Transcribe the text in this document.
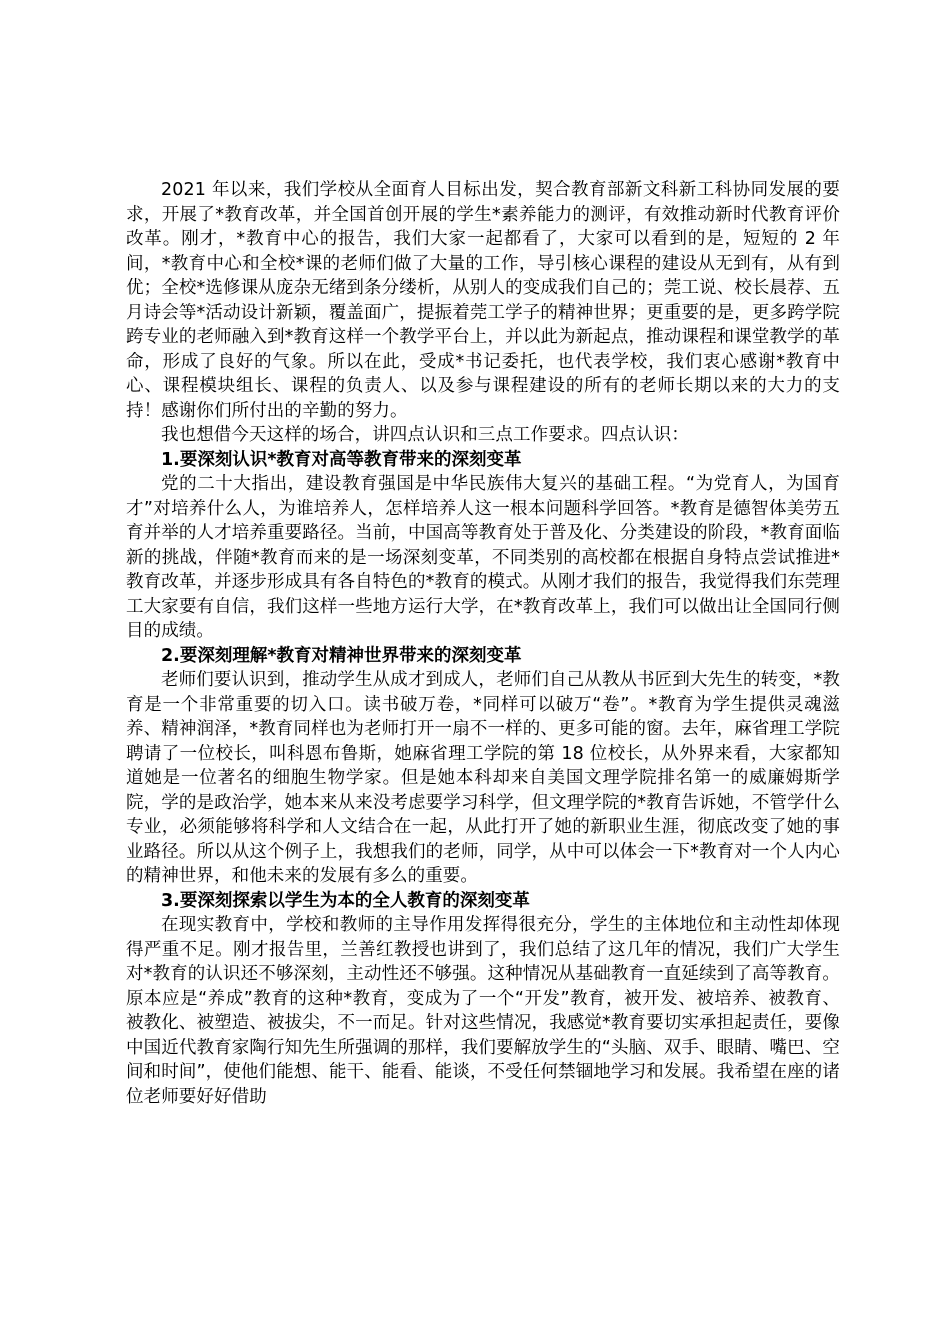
2021 年以来，我们学校从全面育人目标出发，契合教育部新文科新工科协同发展的要求，开展了*教育改革，并全国首创开展的学生*素养能力的测评，有效推动新时代教育评价改革。刚才，*教育中心的报告，我们大家一起都看了，大家可以看到的是，短短的 2 年间，*教育中心和全校*课的老师们做了大量的工作，导引核心课程的建设从无到有，从有到优；全校*选修课从庞杂无绪到条分缕析，从别人的变成我们自己的；莞工说、校长晨荐、五月诗会等*活动设计新颖，覆盖面广，提振着莞工学子的精神世界；更重要的是，更多跨学院跨专业的老师融入到*教育这样一个教学平台上，并以此为新起点，推动课程和课堂教学的革命，形成了良好的气象。所以在此，受成*书记委托，也代表学校，我们衷心感谢*教育中心、课程模块组长、课程的负责人、以及参与课程建设的所有的老师长期以来的大力的支持！感谢你们所付出的辛勤的努力。

我也想借今天这样的场合，讲四点认识和三点工作要求。四点认识：

1.要深刻认识*教育对高等教育带来的深刻变革

党的二十大指出，建设教育强国是中华民族伟大复兴的基础工程。“为党育人，为国育才”对培养什么人，为谁培养人，怎样培养人这一根本问题科学回答。*教育是德智体美劳五育并举的人才培养重要路径。当前，中国高等教育处于普及化、分类建设的阶段，*教育面临新的挑战，伴随*教育而来的是一场深刻变革，不同类别的高校都在根据自身特点尝试推进*教育改革，并逐步形成具有各自特色的*教育的模式。从刚才我们的报告，我觉得我们东莞理工大家要有自信，我们这样一些地方运行大学，在*教育改革上，我们可以做出让全国同行侧目的成绩。

2.要深刻理解*教育对精神世界带来的深刻变革

老师们要认识到，推动学生从成才到成人，老师们自己从教从书匠到大先生的转变，*教育是一个非常重要的切入口。读书破万卷，*同样可以破万“卷”。*教育为学生提供灵魂滋养、精神润泽，*教育同样也为老师打开一扇不一样的、更多可能的窗。去年，麻省理工学院聘请了一位校长，叫科恩布鲁斯，她麻省理工学院的第 18 位校长，从外界来看，大家都知道她是一位著名的细胞生物学家。但是她本科却来自美国文理学院排名第一的威廉姆斯学院，学的是政治学，她本来从来没考虑要学习科学，但文理学院的*教育告诉她，不管学什么专业，必须能够将科学和人文结合在一起，从此打开了她的新职业生涯，彻底改变了她的事业路径。所以从这个例子上，我想我们的老师，同学，从中可以体会一下*教育对一个人内心的精神世界，和他未来的发展有多么的重要。

3.要深刻探索以学生为本的全人教育的深刻变革

在现实教育中，学校和教师的主导作用发挥得很充分，学生的主体地位和主动性却体现得严重不足。刚才报告里，兰善红教授也讲到了，我们总结了这几年的情况，我们广大学生对*教育的认识还不够深刻，主动性还不够强。这种情况从基础教育一直延续到了高等教育。原本应是“养成”教育的这种*教育，变成为了一个“开发”教育，被开发、被培养、被教育、被教化、被塑造、被拔尖，不一而足。针对这些情况，我感觉*教育要切实承担起责任，要像中国近代教育家陶行知先生所强调的那样，我们要解放学生的“头脑、双手、眼睛、嘴巴、空间和时间”，使他们能想、能干、能看、能谈，不受任何禁锢地学习和发展。我希望在座的诸位老师要好好借助
